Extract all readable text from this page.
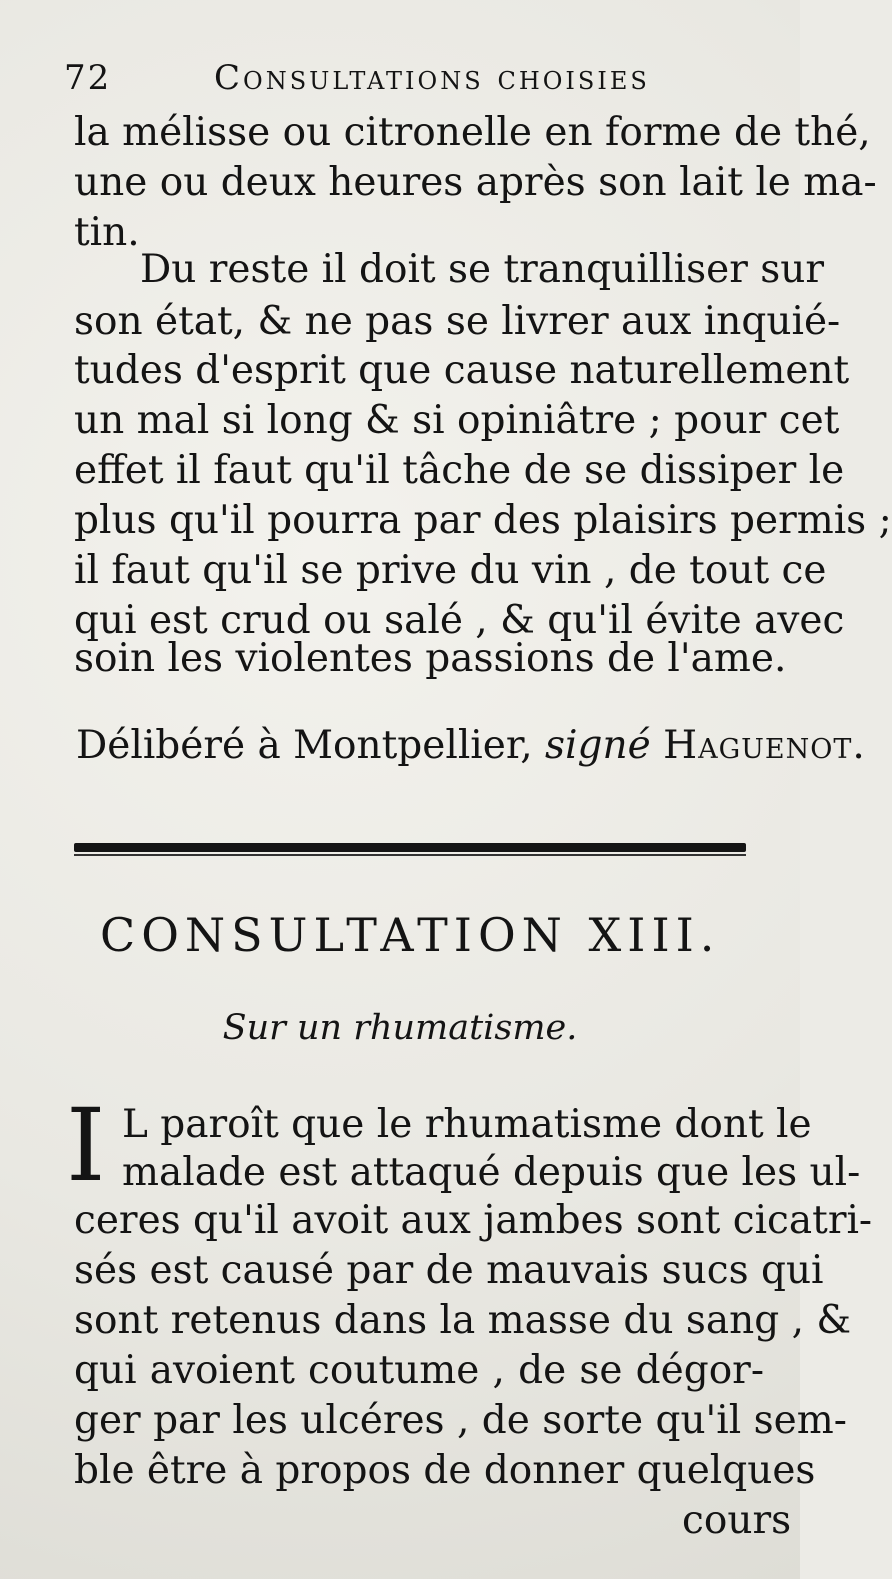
72	Consultations choisies
la mélisse ou citronelle en forme de thé,
une ou deux heures après son lait le ma-
tin.
Du reste il doit se tranquilliser sur
son état, & ne pas se livrer aux inquié-
tudes d'esprit que cause naturellement
un mal si long & si opiniâtre ; pour cet
effet il faut qu'il tâche de se dissiper le
plus qu'il pourra par des plaisirs permis ;
il faut qu'il se prive du vin , de tout ce
qui est crud ou salé , & qu'il évite avec
soin les violentes passions de l'ame.
Délibéré à Montpellier, signé Haguenot.
CONSULTATION XIII.
Sur un rhumatisme.
I L paroît que le rhumatisme dont le
malade est attaqué depuis que les ul-
ceres qu'il avoit aux jambes sont cicatri-
sés est causé par de mauvais sucs qui
sont retenus dans la masse du sang , &
qui avoient coutume , de se dégor-
ger par les ulcéres , de sorte qu'il sem-
ble être à propos de donner quelques
cours
